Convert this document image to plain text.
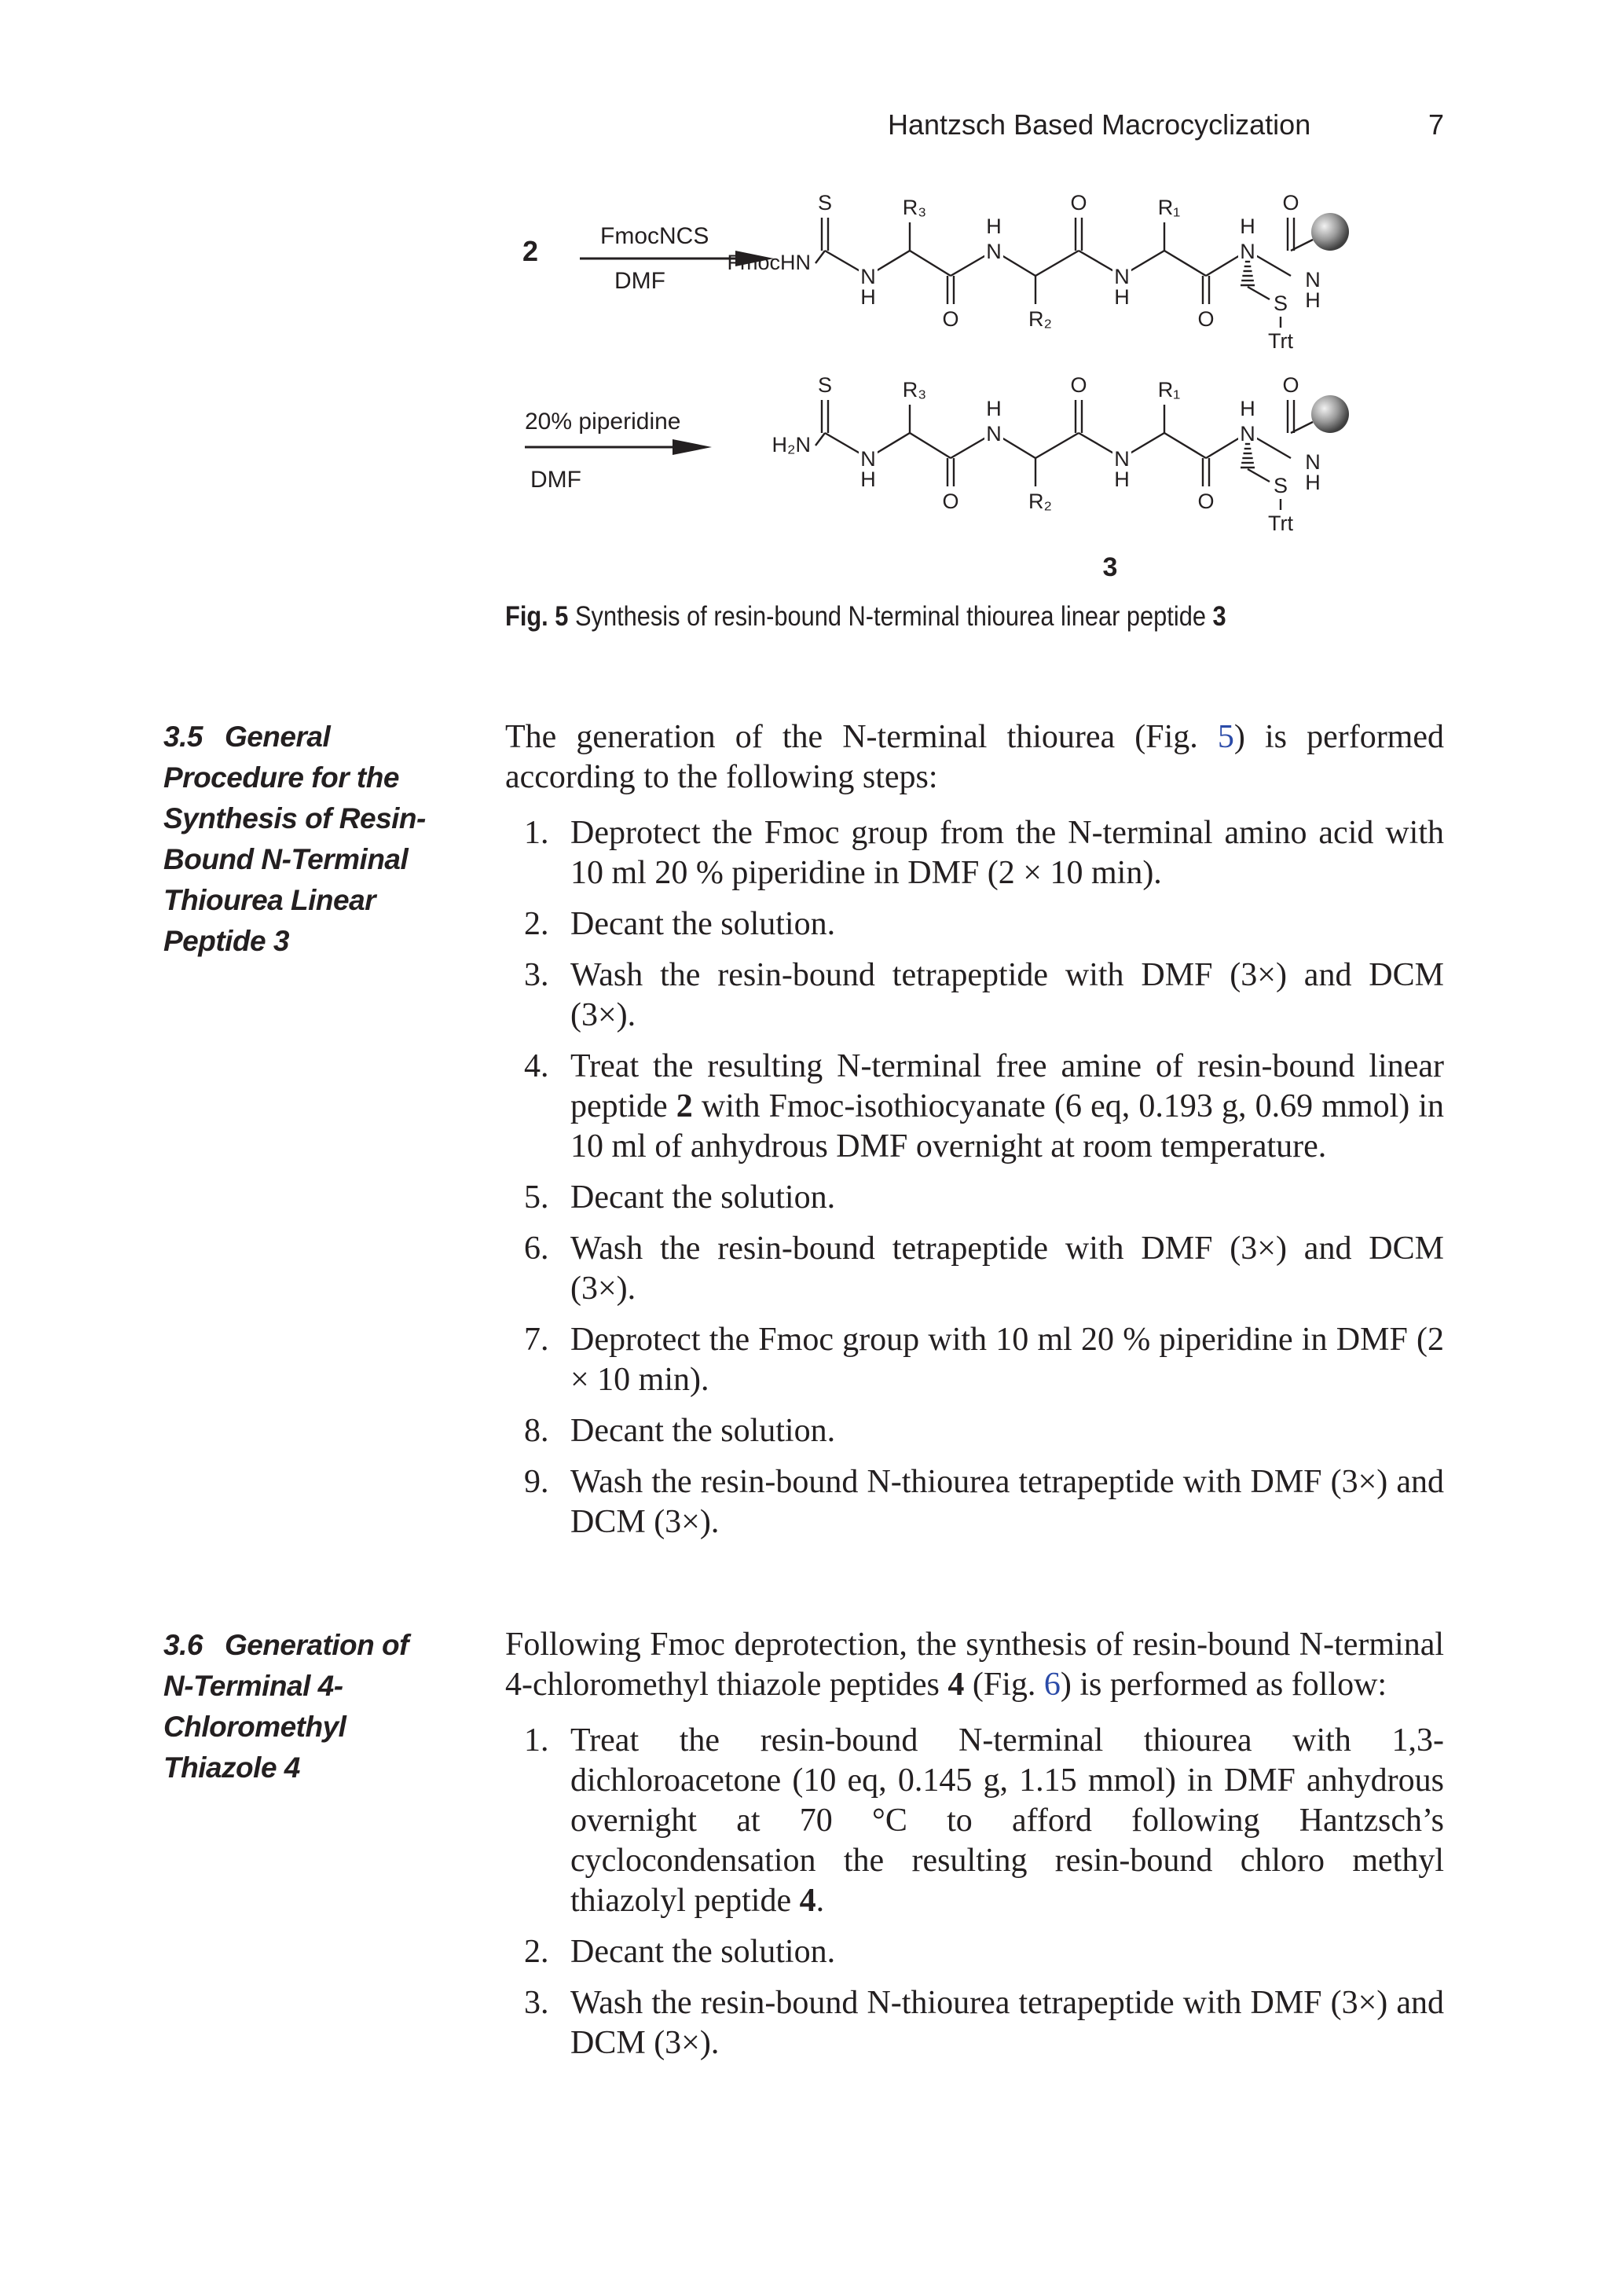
Hantzsch Based Macrocyclization	7
2	FmocNCS
DMF
FmocHN
S	R₃
O	R₂
O	R₁
O
O
N
H
N
H
N
H
N
H
N
H
S
Trt
20% piperidine
DMF
H₂N
S	R₃
O	R₂
O	R₁
O
O
N
H
N
H
N
H
N
H
N
H
S
Trt
3
Fig. 5 Synthesis of resin-bound N-terminal thiourea linear peptide 3
3.5 General Procedure for the Synthesis of Resin-Bound N-Terminal Thiourea Linear Peptide 3

The generation of the N-terminal thiourea (Fig. 5) is performed according to the following steps:

1. Deprotect the Fmoc group from the N-terminal amino acid with 10 ml 20 % piperidine in DMF (2 × 10 min).
2. Decant the solution.
3. Wash the resin-bound tetrapeptide with DMF (3×) and DCM (3×).
4. Treat the resulting N-terminal free amine of resin-bound linear peptide 2 with Fmoc-isothiocyanate (6 eq, 0.193 g, 0.69 mmol) in 10 ml of anhydrous DMF overnight at room temperature.
5. Decant the solution.
6. Wash the resin-bound tetrapeptide with DMF (3×) and DCM (3×).
7. Deprotect the Fmoc group with 10 ml 20 % piperidine in DMF (2 × 10 min).
8. Decant the solution.
9. Wash the resin-bound N-thiourea tetrapeptide with DMF (3×) and DCM (3×).
3.6 Generation of N-Terminal 4-Chloromethyl Thiazole 4

Following Fmoc deprotection, the synthesis of resin-bound N-terminal 4-chloromethyl thiazole peptides 4 (Fig. 6) is performed as follow:

1. Treat the resin-bound N-terminal thiourea with 1,3-dichloroacetone (10 eq, 0.145 g, 1.15 mmol) in DMF anhydrous overnight at 70 °C to afford following Hantzsch’s cyclocondensation the resulting resin-bound chloro methyl thiazolyl peptide 4.
2. Decant the solution.
3. Wash the resin-bound N-thiourea tetrapeptide with DMF (3×) and DCM (3×).
